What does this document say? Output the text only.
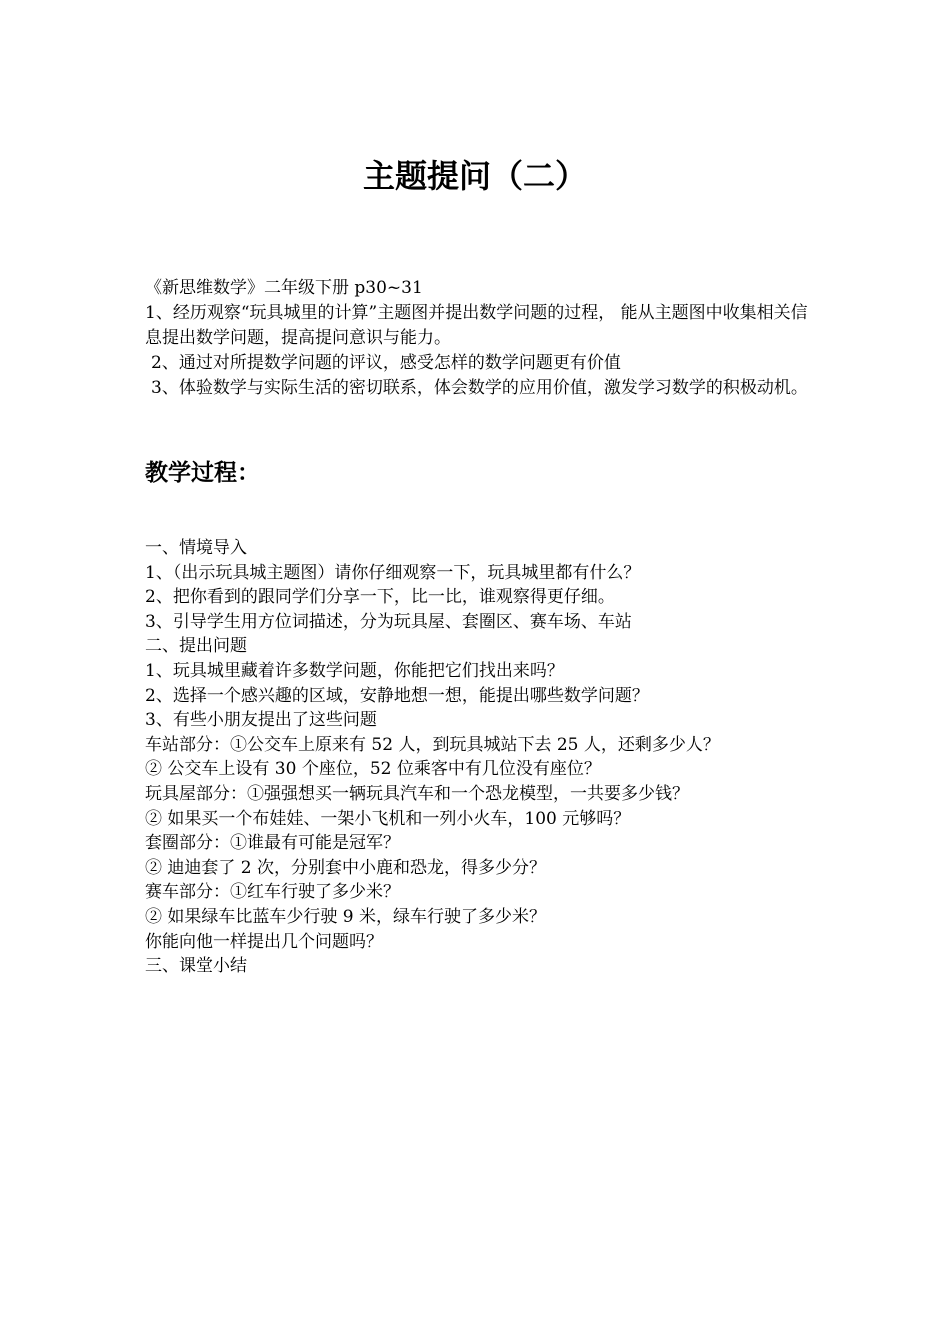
主题提问（二）

《新思维数学》二年级下册 p30~31

1、经历观察“玩具城里的计算”主题图并提出数学问题的过程， 能从主题图中收集相关信息提出数学问题，提高提问意识与能力。

2、通过对所提数学问题的评议，感受怎样的数学问题更有价值

3、体验数学与实际生活的密切联系，体会数学的应用价值，激发学习数学的积极动机。

教学过程：

一、情境导入

1、（出示玩具城主题图）请你仔细观察一下，玩具城里都有什么？

2、把你看到的跟同学们分享一下，比一比，谁观察得更仔细。

3、引导学生用方位词描述，分为玩具屋、套圈区、赛车场、车站

二、提出问题

1、玩具城里藏着许多数学问题，你能把它们找出来吗？

2、选择一个感兴趣的区域，安静地想一想，能提出哪些数学问题？

3、有些小朋友提出了这些问题

车站部分：①公交车上原来有 52 人，到玩具城站下去 25 人，还剩多少人？

② 公交车上设有 30 个座位，52 位乘客中有几位没有座位？

玩具屋部分：①强强想买一辆玩具汽车和一个恐龙模型，一共要多少钱？

② 如果买一个布娃娃、一架小飞机和一列小火车，100 元够吗？

套圈部分：①谁最有可能是冠军？

② 迪迪套了 2 次，分别套中小鹿和恐龙，得多少分？

赛车部分：①红车行驶了多少米？

② 如果绿车比蓝车少行驶 9 米，绿车行驶了多少米？

你能向他一样提出几个问题吗？

三、课堂小结
